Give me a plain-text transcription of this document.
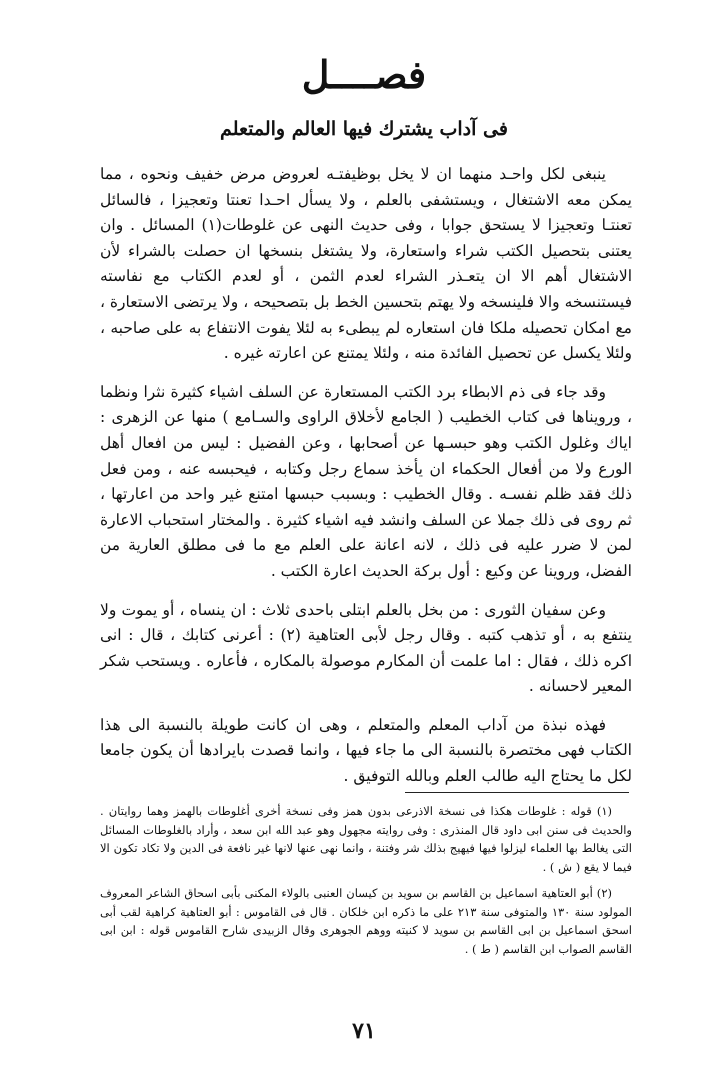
فصــــل
فى آداب يشترك فيها العالم والمتعلم

ينبغى لكل واحـد منهما ان لا يخل بوظيفتـه لعروض مرض خفيف ونحوه ، مما يمكن معه الاشتغال ، ويستشفى بالعلم ، ولا يسأل احـدا تعنتا وتعجيزا ، فالسائل تعنتـا وتعجيزا لا يستحق جوابا ، وفى حديث النهى عن غلوطات(١) المسائل . وان يعتنى بتحصيل الكتب شراء واستعارة، ولا يشتغل بنسخها ان حصلت بالشراء لأن الاشتغال أهم الا ان يتعـذر الشراء لعدم الثمن ، أو لعدم الكتاب مع نفاسته فيستنسخه والا فلينسخه ولا يهتم بتحسين الخط بل بتصحيحه ، ولا يرتضى الاستعارة ، مع امكان تحصيله ملكا فان استعاره لم يبطىء به لئلا يفوت الانتفاع به على صاحبه ، ولئلا يكسل عن تحصيل الفائدة منه ، ولئلا يمتنع عن اعارته غيره .

وقد جاء فى ذم الابطاء برد الكتب المستعارة عن السلف اشياء كثيرة نثرا ونظما ، ورويناها فى كتاب الخطيب ( الجامع لأخلاق الراوى والسـامع ) منها عن الزهرى : اياك وغلول الكتب وهو حبسـها عن أصحابها ، وعن الفضيل : ليس من افعال أهل الورع ولا من أفعال الحكماء ان يأخذ سماع رجل وكتابه ، فيحبسه عنه ، ومن فعل ذلك فقد ظلم نفسـه . وقال الخطيب : وبسبب حبسها امتنع غير واحد من اعارتها ، ثم روى فى ذلك جملا عن السلف وانشد فيه اشياء كثيرة . والمختار استحباب الاعارة لمن لا ضرر عليه فى ذلك ، لانه اعانة على العلم مع ما فى مطلق العارية من الفضل، وروينا عن وكيع : أول بركة الحديث اعارة الكتب .

وعن سفيان الثورى : من بخل بالعلم ابتلى باحدى ثلاث : ان ينساه ، أو يموت ولا ينتفع به ، أو تذهب كتبه . وقال رجل لأبى العتاهية (٢) : أعرنى كتابك ، قال : انى اكره ذلك ، فقال : اما علمت أن المكارم موصولة بالمكاره ، فأعاره . ويستحب شكر المعير لاحسانه .

فهذه نبذة من آداب المعلم والمتعلم ، وهى ان كانت طويلة بالنسبة الى هذا الكتاب فهى مختصرة بالنسبة الى ما جاء فيها ، وانما قصدت بايرادها أن يكون جامعا لكل ما يحتاج اليه طالب العلم وبالله التوفيق .

(١) قوله : غلوطات هكذا فى نسخة الاذرعى بدون همز وفى نسخة أخرى أغلوطات بالهمز وهما روايتان . والحديث فى سنن ابى داود قال المنذرى : وفى روايته مجهول وهو عبد الله ابن سعد ، وأراد بالغلوطات المسائل التى يغالط بها العلماء ليزلوا فيها فيهيج بذلك شر وفتنة ، وانما نهى عنها لانها غير نافعة فى الدين ولا تكاد تكون الا فيما لا يقع ( ش ) .

(٢) أبو العتاهية اسماعيل بن القاسم بن سويد بن كيسان العنبى بالولاء المكنى بأبى اسحاق الشاعر المعروف المولود سنة ١٣٠ والمتوفى سنة ٢١٣ على ما ذكره ابن خلكان . قال فى القاموس : أبو العتاهية كراهية لقب أبى اسحق اسماعيل بن ابى القاسم بن سويد لا كنيته ووهم الجوهرى وقال الزبيدى شارح القاموس قوله : ابن ابى القاسم الصواب ابن القاسم ( ط ) .

٧١
